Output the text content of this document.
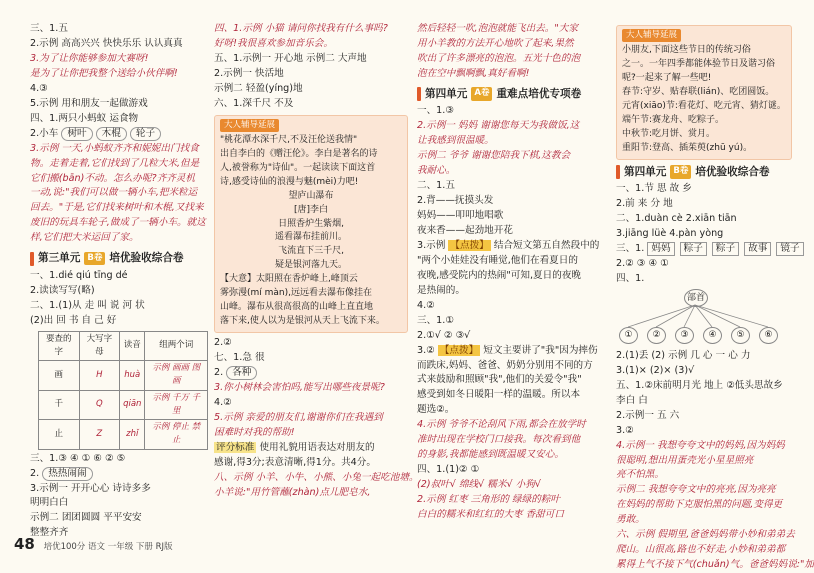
三、1.五
2.示例 高高兴兴 快快乐乐 认认真真
3.为了让你能够参加大赛呀!
是为了让你把我整个送给小伙伴啊!
4.③
5.示例 用和朋友一起做游戏
四、1.两只小蚂蚁 运食物
2.小车 树叶 木棍 轮子
3.示例 一天,小蚂蚁齐齐和妮妮出门找食
物。走着走着,它们找到了几粒大米,但是
它们搬(bān)不动。怎么办呢?齐齐灵机
一动,说:"我们可以做一辆小车,把米粒运
回去。"于是,它们找来树叶和木棍,又找来
废旧的玩具车轮子,做成了一辆小车。就这
样,它们把大米运回了家。
第三单元 B卷 培优验收综合卷
一、1.dié qiú tīng dé
2.读读写写(略)
二、1.(1)从 走 叫 说 河 状
(2)出 回 书 自 己 好
要查的字	大写字母	读音	组两个词
画	H	huà	示例 画画 图画
千	Q	qiān	示例 千万 千里
止	Z	zhǐ	示例 停止 禁止
三、1.③ ④ ① ⑥ ② ⑤
2. 热热闹闹
3.示例一 开开心心 诗诗多多
明明白白
示例二 团团圆圆 平平安安
整整齐齐
四、1.示例 小猫 请问你找我有什么事吗?
好呀!我很喜欢参加音乐会。
五、1.示例一 开心地 示例二 大声地
2.示例一 快活地
示例二 轻盈(yíng)地
六、1.深千尺 不及
大人辅导延展
"桃花潭水深千尺,不及汪伦送我情"
出自李白的《赠汪伦》。李白是著名的诗
人,被誉称为"诗仙"。一起读读下面这首
诗,感受诗仙的浪漫与魅(mèi)力吧!
望庐山瀑布
[唐]李白
日照香炉生紫烟,
遥看瀑布挂前川。
飞流直下三千尺,
疑是银河落九天。
【大意】太阳照在香炉峰上,峰顶云
雾弥漫(mí màn),远远看去瀑布像挂在
山峰。瀑布从很高很高的山峰上直直地
落下来,使人以为是银河从天上飞流下来。
2.②
七、1.急 很
2. 各种
3.你小树林会害怕吗,能写出哪些夜景呢?
4.②
5.示例 亲爱的朋友们,谢谢你们在我遇到
困难时对我的帮助!
评分标准 使用礼貌用语表达对朋友的
感谢,得3分;表意清晰,得1分。共4分。
八、示例 小羊、小牛、小熊、小兔一起吃池塘。
小羊说:"用竹管蘸(zhàn)点儿肥皂水,
然后轻轻一吹,泡泡就能飞出去。"大家
用小羊教的方法开心地吹了起来,果然
吹出了许多漂亮的泡泡。五光十色的泡
泡在空中飘啊飘,真好看啊!
第四单元 A卷 重难点培优专项卷
一、1.③
2.示例一 妈妈 谢谢您每天为我做饭,这
让我感到很温暖。
示例二 爷爷 谢谢您陪我下棋,这教会
我耐心。
二、1.五
2.背——抚摸头发
妈妈——叩叩地唱歌
夜来香——起劲地开花
3.示例 【点拨】 结合短文第五自然段中的
"两个小娃娃没有睡觉,他们在看夏日的
夜晚,感受院内的热闹"可知,夏日的夜晚
是热闹的。
4.②
三、1.①
2.①√ ② ③√
3.② 【点拨】 短文主要讲了"我"因为摔伤
而跌床,妈妈、爸爸、奶奶分别用不同的方
式来鼓励和照顾"我",他们的关爱令"我"
感受到如冬日暖阳一样的温暖。所以本
题选②。
4.示例 爷爷不论刮风下雨,都会在放学时
准时出现在学校门口接我。每次看到他
的身影,我都能感到既温暖又安心。
四、1.(1)② ①
(2)叔叶√ 绵线√ 糯米√ 小狗√
2.示例 红枣 三角形的 绿绿的粽叶
白白的糯米和红红的大枣 香甜可口
大人辅导延展
小朋友,下面这些节日的传统习俗
之一。一年四季都能体验节日及谐习俗
呢?一起来了解一些吧!
春节:守岁、贴春联(lián)、吃团圆饭。
元宵(xiāo)节:看花灯、吃元宵、猜灯谜。
端午节:赛龙舟、吃粽子。
中秋节:吃月饼、赏月。
重阳节:登高、插茱萸(zhū yú)。
第四单元 B卷 培优验收综合卷
一、1.节 思 故 乡
2.前 来 分 地
二、1.duàn cè 2.xiān tiān
3.jiāng lüè 4.pàn yòng
三、1. 妈妈 粽子 粽子 故事 镜子
2.② ③ ④ ①
四、1.
部首
①	②	③	④	⑤	⑥
2.(1)丢 (2) 示例 几 心 一 心 力
3.(1)× (2)× (3)√
五、1.②床前明月光 地上 ②低头思故乡
李白 白
2.示例一 五 六
3.②
4.示例一 我想夸夸文中的妈妈,因为妈妈
很聪明,想出用蛋壳光小星星照亮
亮不怕黑。
示例二 我想夸夸文中的亮亮,因为亮亮
在妈妈的帮助下克服怕黑的问题,变得更
勇敢。
六、示例 假期里,爸爸妈妈带小妙和弟弟去
爬山。山很高,路也不好走,小妙和弟弟都
累得上气不接下气(chuǎn)气。爸爸妈妈说:"加
48 培优100分 语文 一年级 下册 RJ版
